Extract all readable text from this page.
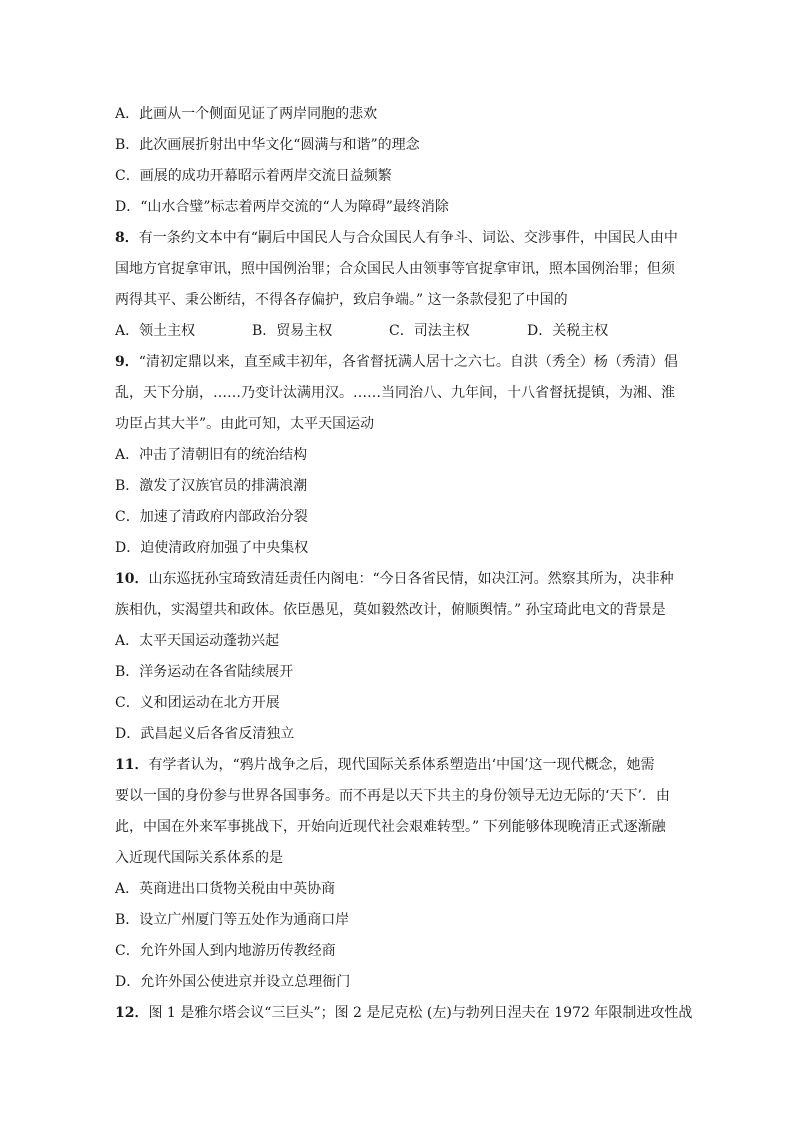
A．此画从一个侧面见证了两岸同胞的悲欢
B．此次画展折射出中华文化“圆满与和谐”的理念
C．画展的成功开幕昭示着两岸交流日益频繁
D．“山水合璧”标志着两岸交流的“人为障碍”最终消除
8．有一条约文本中有“嗣后中国民人与合众国民人有争斗、词讼、交涉事件，中国民人由中
国地方官捉拿审讯，照中国例治罪；合众国民人由领事等官捉拿审讯，照本国例治罪；但须
两得其平、秉公断结，不得各存偏护，致启争端。” 这一条款侵犯了中国的
A．领土主权	B．贸易主权	C．司法主权	D．关税主权
9．“清初定鼎以来，直至咸丰初年，各省督抚满人居十之六七。自洪（秀全）杨（秀清）倡
乱，天下分崩，……乃变计汰满用汉。……当同治八、九年间，十八省督抚提镇，为湘、淮
功臣占其大半”。由此可知，太平天国运动
A．冲击了清朝旧有的统治结构
B．激发了汉族官员的排满浪潮
C．加速了清政府内部政治分裂
D．迫使清政府加强了中央集权
10．山东巡抚孙宝琦致清廷责任内阁电：“今日各省民情，如决江河。然察其所为，决非种
族相仇，实渴望共和政体。依臣愚见，莫如毅然改计，俯顺舆情。” 孙宝琦此电文的背景是
A．太平天国运动蓬勃兴起
B．洋务运动在各省陆续展开
C．义和团运动在北方开展
D．武昌起义后各省反清独立
11．有学者认为，“鸦片战争之后，现代国际关系体系塑造出‘中国’这一现代概念，她需
要以一国的身份参与世界各国事务。而不再是以天下共主的身份领导无边无际的‘天下’．由
此，中国在外来军事挑战下，开始向近现代社会艰难转型。” 下列能够体现晚清正式逐渐融
入近现代国际关系体系的是
A．英商进出口货物关税由中英协商
B．设立广州厦门等五处作为通商口岸
C．允许外国人到内地游历传教经商
D．允许外国公使进京并设立总理衙门
12．图 1 是雅尔塔会议“三巨头”；图 2 是尼克松 (左)与勃列日涅夫在 1972 年限制进攻性战
